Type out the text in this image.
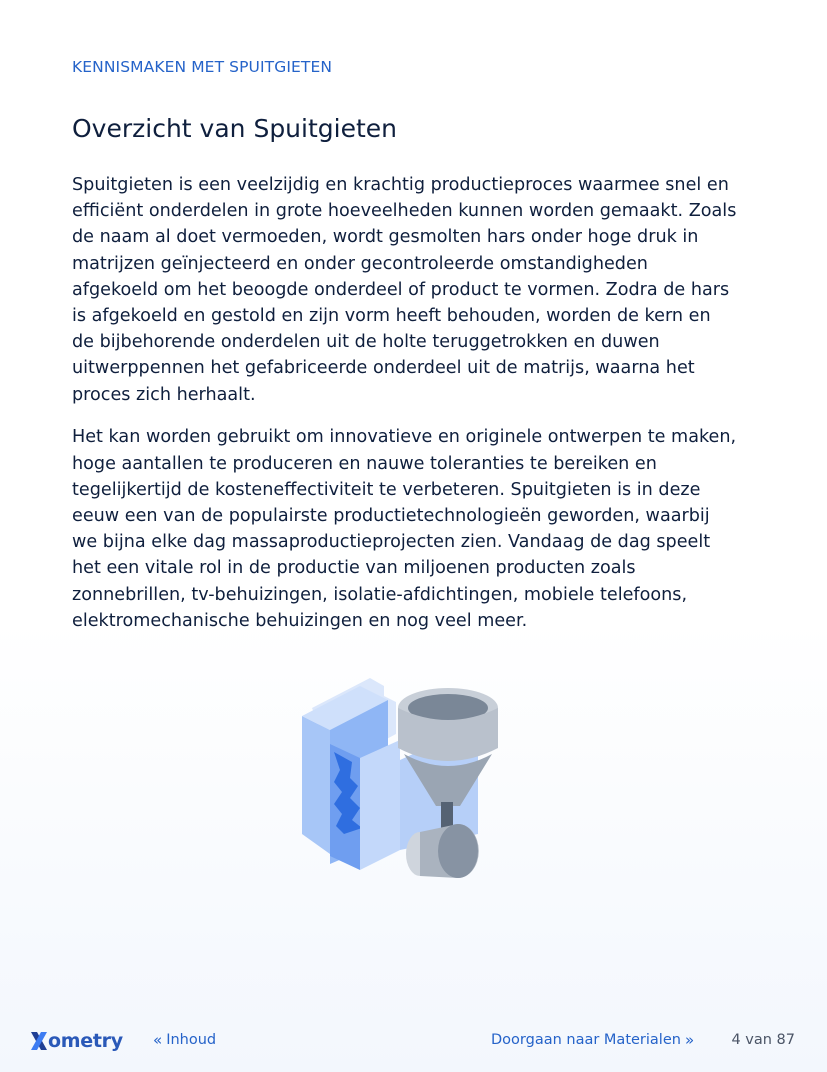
KENNISMAKEN MET SPUITGIETEN
Overzicht van Spuitgieten

Spuitgieten is een veelzijdig en krachtig productieproces waarmee snel en efficiënt onderdelen in grote hoeveelheden kunnen worden gemaakt. Zoals de naam al doet vermoeden, wordt gesmolten hars onder hoge druk in matrijzen geïnjecteerd en onder gecontroleerde omstandigheden afgekoeld om het beoogde onderdeel of product te vormen. Zodra de hars is afgekoeld en gestold en zijn vorm heeft behouden, worden de kern en de bijbehorende onderdelen uit de holte teruggetrokken en duwen uitwerppennen het gefabriceerde onderdeel uit de matrijs, waarna het proces zich herhaalt.

Het kan worden gebruikt om innovatieve en originele ontwerpen te maken, hoge aantallen te produceren en nauwe toleranties te bereiken en tegelijkertijd de kosteneffectiviteit te verbeteren. Spuitgieten is in deze eeuw een van de populairste productietechnologieën geworden, waarbij we bijna elke dag massaproductieprojecten zien. Vandaag de dag speelt het een vitale rol in de productie van miljoenen producten zoals zonnebrillen, tv-behuizingen, isolatie-afdichtingen, mobiele telefoons, elektromechanische behuizingen en nog veel meer.

ometry « Inhoud	Doorgaan naar Materialen »	4 van 87
